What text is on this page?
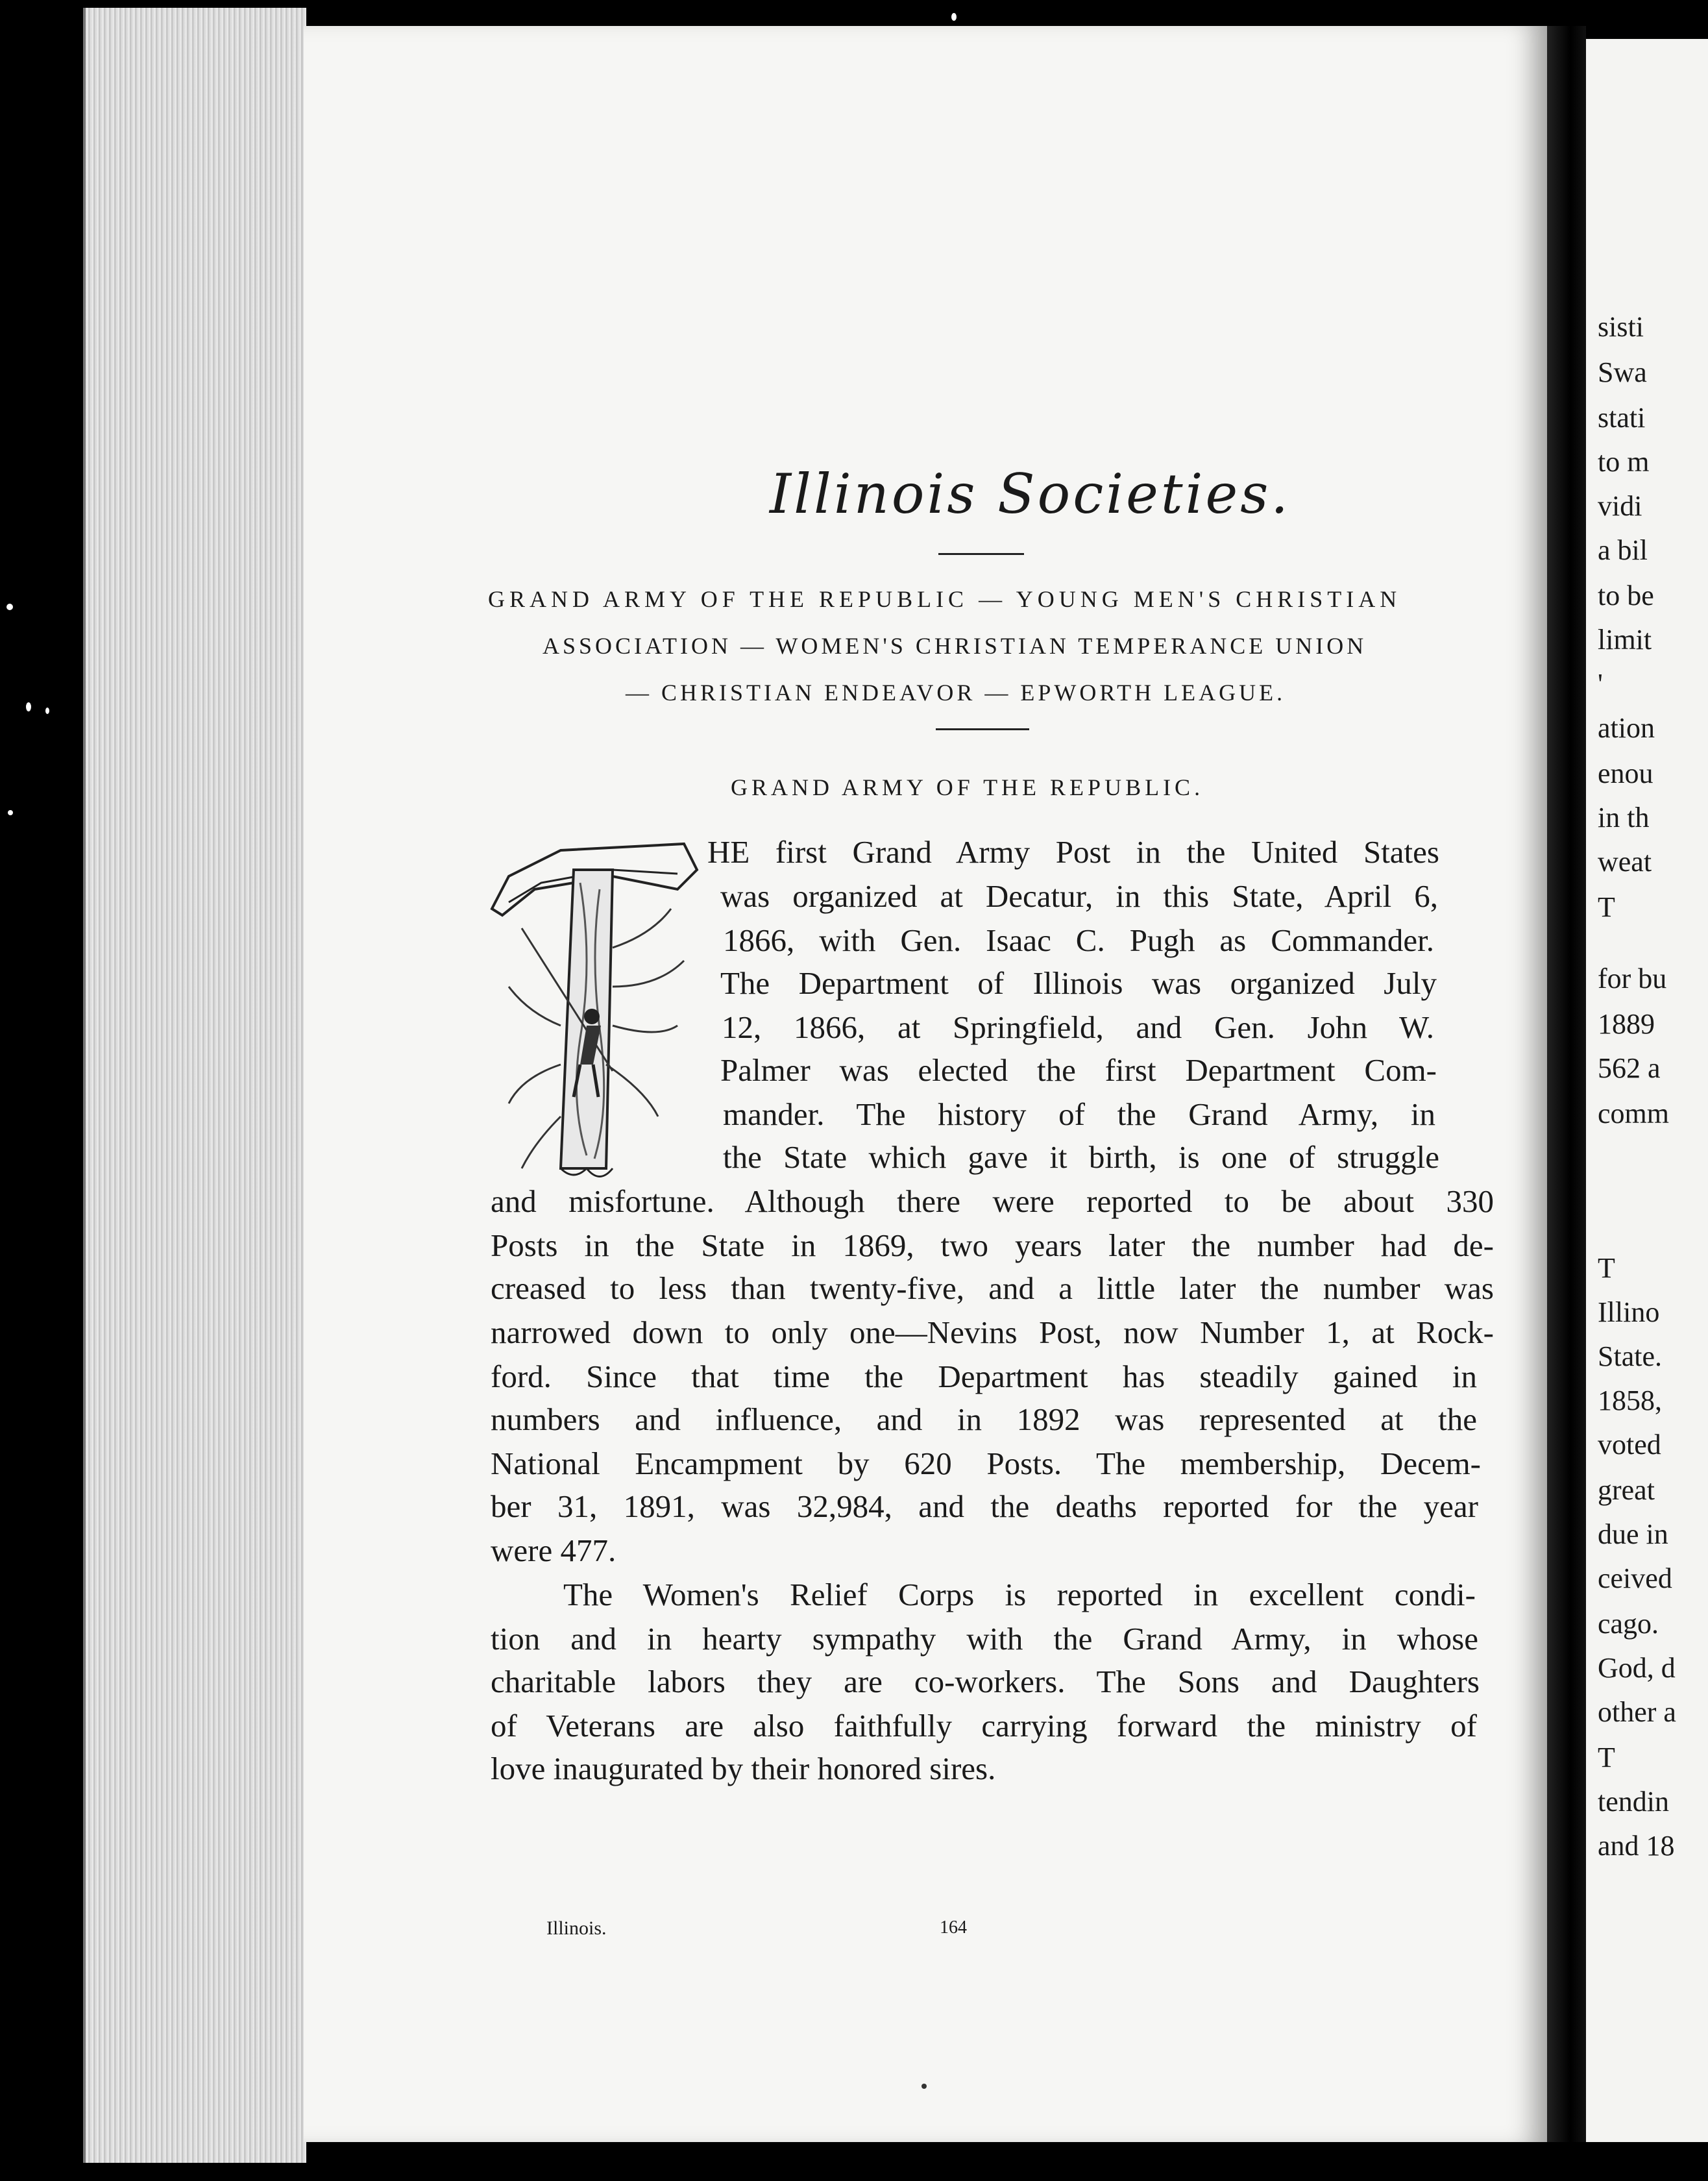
sisti
Swa
stati
to m
vidi
a bil
to be
limit
'
ation
enou
in th
weat
T
for bu
1889
562 a
comm
T
Illino
State.
1858,
voted
great
due in
ceived
cago.
God, d
other a
T
tendin
and 18
Illinois Societies.
GRAND ARMY OF THE REPUBLIC — YOUNG MEN'S CHRISTIAN
ASSOCIATION — WOMEN'S CHRISTIAN TEMPERANCE UNION
— CHRISTIAN ENDEAVOR — EPWORTH LEAGUE.
GRAND ARMY OF THE REPUBLIC.
HE first Grand Army Post in the United States
was organized at Decatur, in this State, April 6,
1866, with Gen. Isaac C. Pugh as Commander.
The Department of Illinois was organized July
12, 1866, at Springfield, and Gen. John W.
Palmer was elected the first Department Com-
mander. The history of the Grand Army, in
the State which gave it birth, is one of struggle
and misfortune. Although there were reported to be about 330
Posts in the State in 1869, two years later the number had de-
creased to less than twenty-five, and a little later the number was
narrowed down to only one—Nevins Post, now Number 1, at Rock-
ford. Since that time the Department has steadily gained in
numbers and influence, and in 1892 was represented at the
National Encampment by 620 Posts. The membership, Decem-
ber 31, 1891, was 32,984, and the deaths reported for the year
were 477.
The Women's Relief Corps is reported in excellent condi-
tion and in hearty sympathy with the Grand Army, in whose
charitable labors they are co-workers. The Sons and Daughters
of Veterans are also faithfully carrying forward the ministry of
love inaugurated by their honored sires.
Illinois.	164
